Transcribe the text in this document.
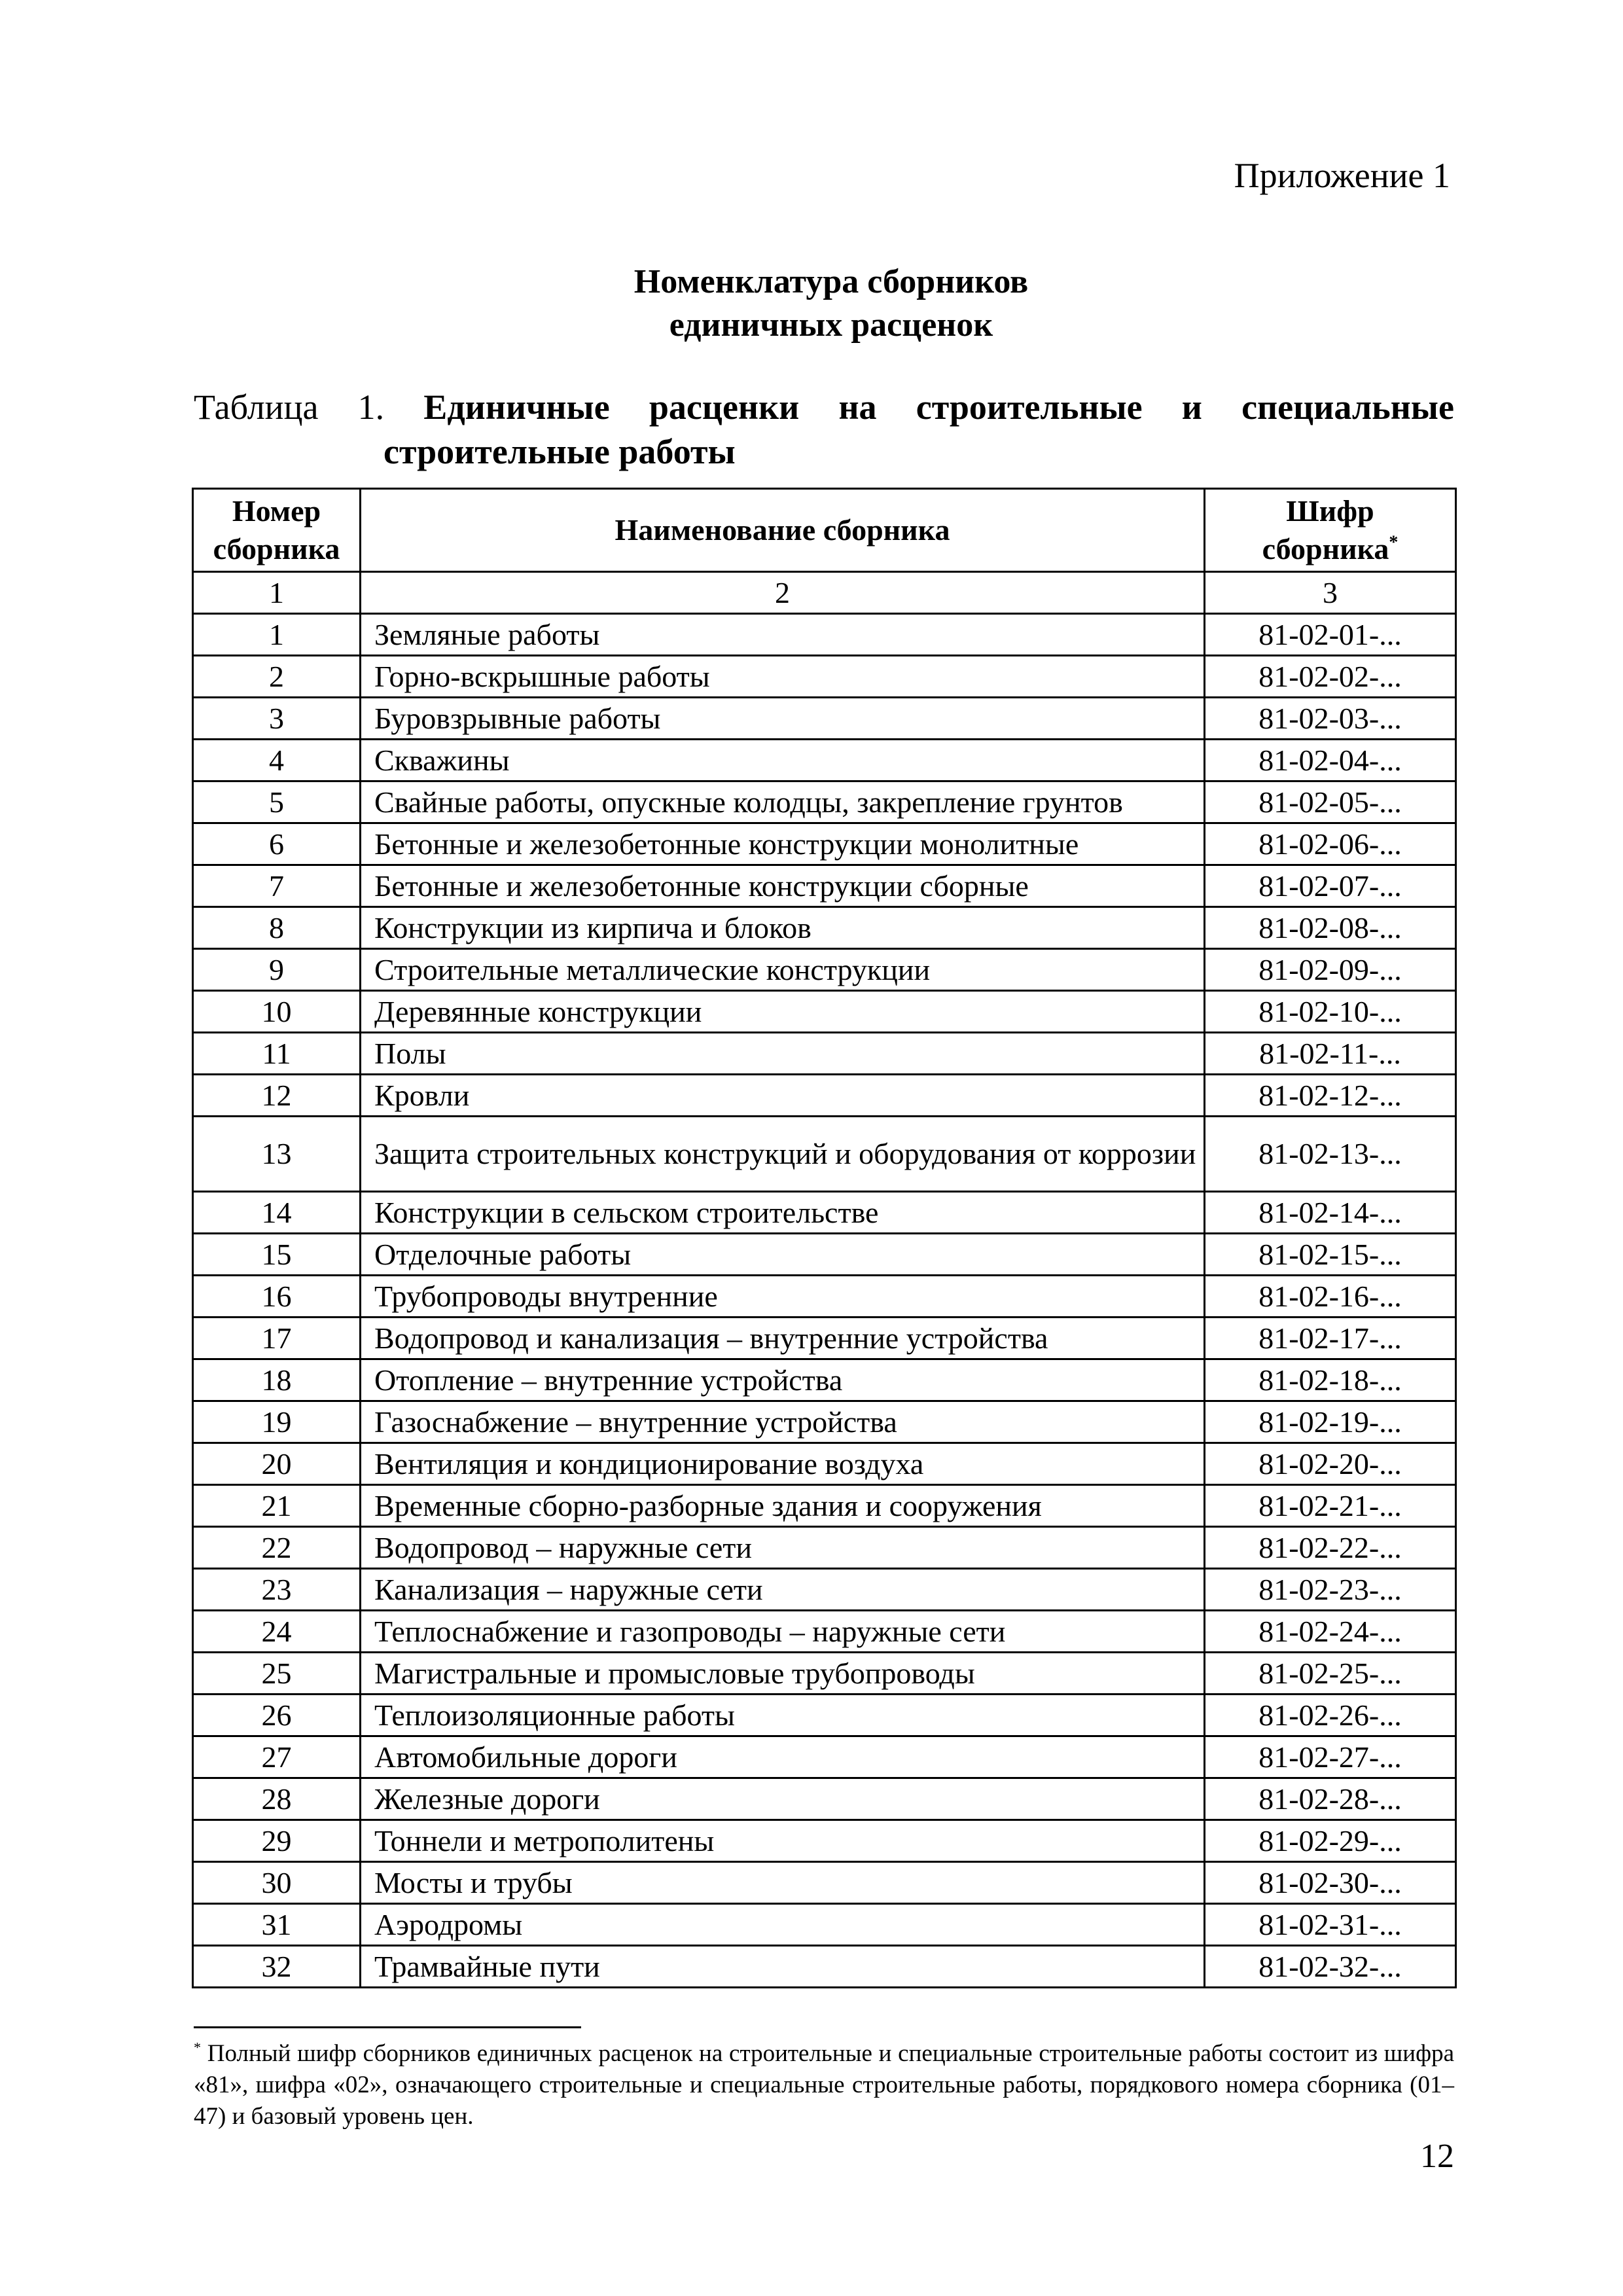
Приложение 1
Номенклатура сборников
единичных расценок
Таблица 1. Единичные расценки на строительные и специальные
строительные работы
Номер
сборника	Наименование сборника	Шифр
сборника*
1	2	3
1	Земляные работы	81-02-01-...
2	Горно-вскрышные работы	81-02-02-...
3	Буровзрывные работы	81-02-03-...
4	Скважины	81-02-04-...
5	Свайные работы, опускные колодцы, закрепление грунтов	81-02-05-...
6	Бетонные и железобетонные конструкции монолитные	81-02-06-...
7	Бетонные и железобетонные конструкции сборные	81-02-07-...
8	Конструкции из кирпича и блоков	81-02-08-...
9	Строительные металлические конструкции	81-02-09-...
10	Деревянные конструкции	81-02-10-...
11	Полы	81-02-11-...
12	Кровли	81-02-12-...
13	Защита строительных конструкций и оборудования от коррозии	81-02-13-...
14	Конструкции в сельском строительстве	81-02-14-...
15	Отделочные работы	81-02-15-...
16	Трубопроводы внутренние	81-02-16-...
17	Водопровод и канализация – внутренние устройства	81-02-17-...
18	Отопление – внутренние устройства	81-02-18-...
19	Газоснабжение – внутренние устройства	81-02-19-...
20	Вентиляция и кондиционирование воздуха	81-02-20-...
21	Временные сборно-разборные здания и сооружения	81-02-21-...
22	Водопровод – наружные сети	81-02-22-...
23	Канализация – наружные сети	81-02-23-...
24	Теплоснабжение и газопроводы – наружные сети	81-02-24-...
25	Магистральные и промысловые трубопроводы	81-02-25-...
26	Теплоизоляционные работы	81-02-26-...
27	Автомобильные дороги	81-02-27-...
28	Железные дороги	81-02-28-...
29	Тоннели и метрополитены	81-02-29-...
30	Мосты и трубы	81-02-30-...
31	Аэродромы	81-02-31-...
32	Трамвайные пути	81-02-32-...
* Полный шифр сборников единичных расценок на строительные и специальные строительные работы состоит из шифра «81», шифра «02», означающего строительные и специальные строительные работы, порядкового номера сборника (01–47) и базовый уровень цен.
12
